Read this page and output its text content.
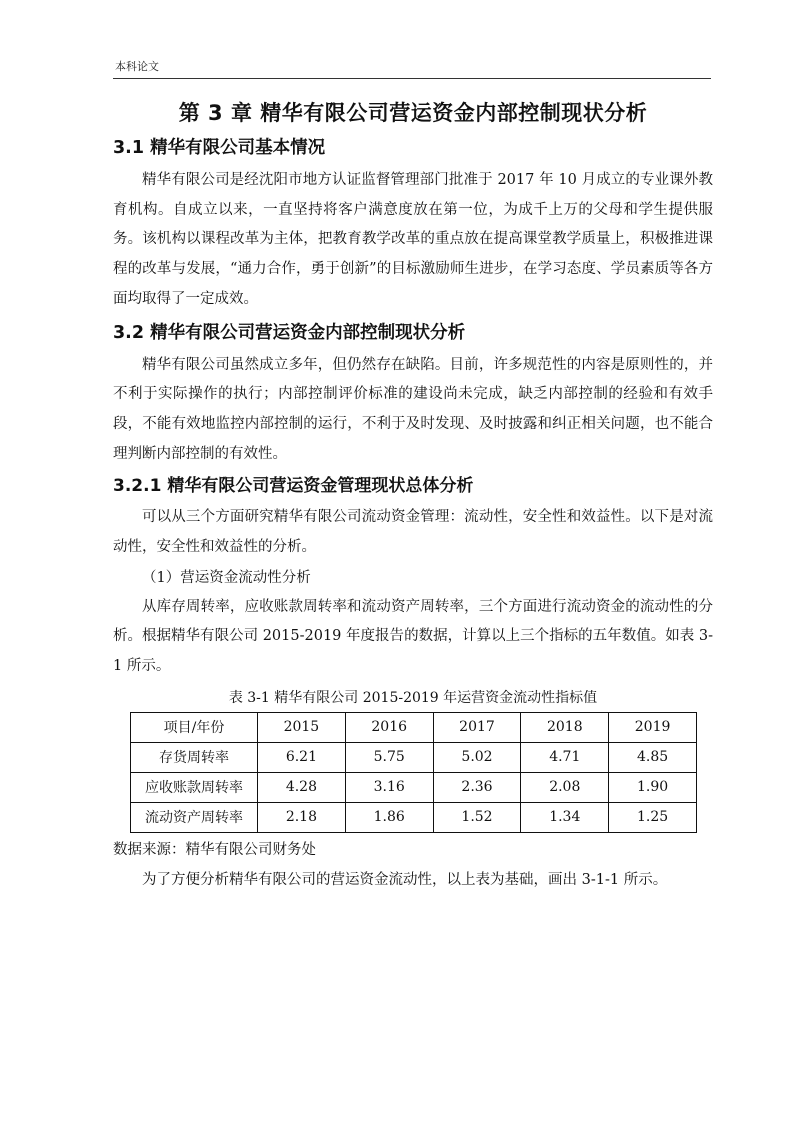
本科论文
第 3 章 精华有限公司营运资金内部控制现状分析
3.1 精华有限公司基本情况

精华有限公司是经沈阳市地方认证监督管理部门批准于 2017 年 10 月成立的专业课外教育机构。自成立以来，一直坚持将客户满意度放在第一位，为成千上万的父母和学生提供服务。该机构以课程改革为主体，把教育教学改革的重点放在提高课堂教学质量上，积极推进课程的改革与发展，“通力合作，勇于创新”的目标激励师生进步，在学习态度、学员素质等各方面均取得了一定成效。

3.2 精华有限公司营运资金内部控制现状分析

精华有限公司虽然成立多年，但仍然存在缺陷。目前，许多规范性的内容是原则性的，并不利于实际操作的执行；内部控制评价标准的建设尚未完成，缺乏内部控制的经验和有效手段，不能有效地监控内部控制的运行，不利于及时发现、及时披露和纠正相关问题，也不能合理判断内部控制的有效性。

3.2.1 精华有限公司营运资金管理现状总体分析

可以从三个方面研究精华有限公司流动资金管理：流动性，安全性和效益性。以下是对流动性，安全性和效益性的分析。

（1）营运资金流动性分析

从库存周转率，应收账款周转率和流动资产周转率，三个方面进行流动资金的流动性的分析。根据精华有限公司 2015-2019 年度报告的数据，计算以上三个指标的五年数值。如表 3-1 所示。

表 3-1 精华有限公司 2015-2019 年运营资金流动性指标值
项目/年份	2015	2016	2017	2018	2019
存货周转率	6.21	5.75	5.02	4.71	4.85
应收账款周转率	4.28	3.16	2.36	2.08	1.90
流动资产周转率	2.18	1.86	1.52	1.34	1.25
数据来源：精华有限公司财务处
为了方便分析精华有限公司的营运资金流动性，以上表为基础，画出 3-1-1 所示。
